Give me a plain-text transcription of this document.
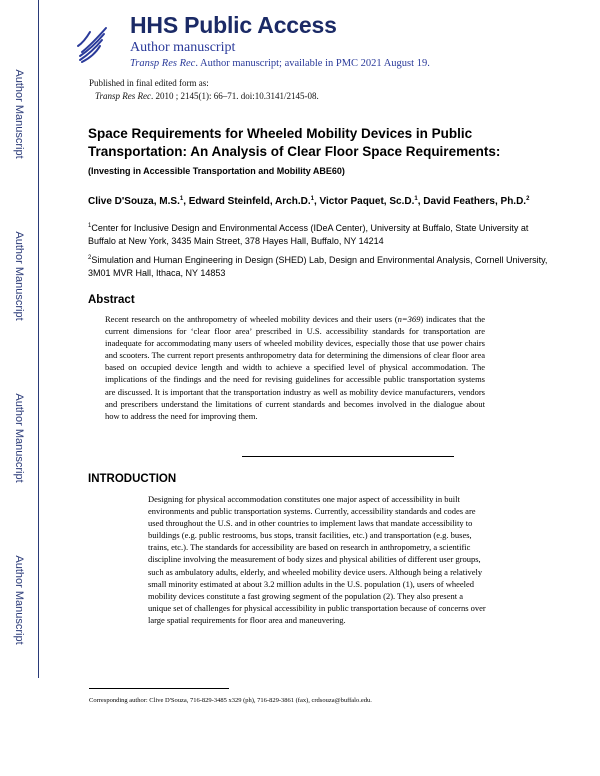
Author Manuscript
Author Manuscript
Author Manuscript
Author Manuscript
HHS Public Access
Author manuscript
Transp Res Rec. Author manuscript; available in PMC 2021 August 19.
Published in final edited form as:
Transp Res Rec. 2010 ; 2145(1): 66–71. doi:10.3141/2145-08.
Space Requirements for Wheeled Mobility Devices in Public Transportation: An Analysis of Clear Floor Space Requirements:
(Investing in Accessible Transportation and Mobility ABE60)
Clive D'Souza, M.S.$^1$, Edward Steinfeld, Arch.D.$^1$, Victor Paquet, Sc.D.$^1$, David Feathers, Ph.D.$^2$
$^1$Center for Inclusive Design and Environmental Access (IDeA Center), University at Buffalo, State University at Buffalo at New York, 3435 Main Street, 378 Hayes Hall, Buffalo, NY 14214
$^2$Simulation and Human Engineering in Design (SHED) Lab, Design and Environmental Analysis, Cornell University, 3M01 MVR Hall, Ithaca, NY 14853
Abstract
Recent research on the anthropometry of wheeled mobility devices and their users (n=369) indicates that the current dimensions for ‘clear floor area’ prescribed in U.S. accessibility standards for transportation are inadequate for accommodating many users of wheeled mobility devices, especially those that use power chairs and scooters. The current report presents anthropometry data for determining the dimensions of clear floor area based on occupied device length and width to achieve a specified level of physical accommodation. The implications of the findings and the need for revising guidelines for accessible public transportation systems are discussed. It is important that the transportation industry as well as mobility device manufacturers, vendors and prescribers understand the limitations of current standards and becomes involved in the dialogue about how to address the need for improving them.
INTRODUCTION
Designing for physical accommodation constitutes one major aspect of accessibility in built environments and public transportation systems. Currently, accessibility standards and codes are used throughout the U.S. and in other countries to implement laws that mandate accessibility to buildings (e.g. public restrooms, bus stops, transit facilities, etc.) and transportation (e.g. buses, trains, etc.). The standards for accessibility are based on research in anthropometry, a scientific discipline involving the measurement of body sizes and physical abilities of different user groups, such as ambulatory adults, elderly, and wheeled mobility device users. Although being a relatively small minority estimated at about 3.2 million adults in the U.S. population (1), users of wheeled mobility devices constitute a fast growing segment of the population (2). They also present a unique set of challenges for physical accessibility in public transportation because of concerns over large spatial requirements for floor area and maneuvering.
Corresponding author: Clive D'Souza, 716-829-3485 x329 (ph), 716-829-3861 (fax), crdsouza@buffalo.edu.
